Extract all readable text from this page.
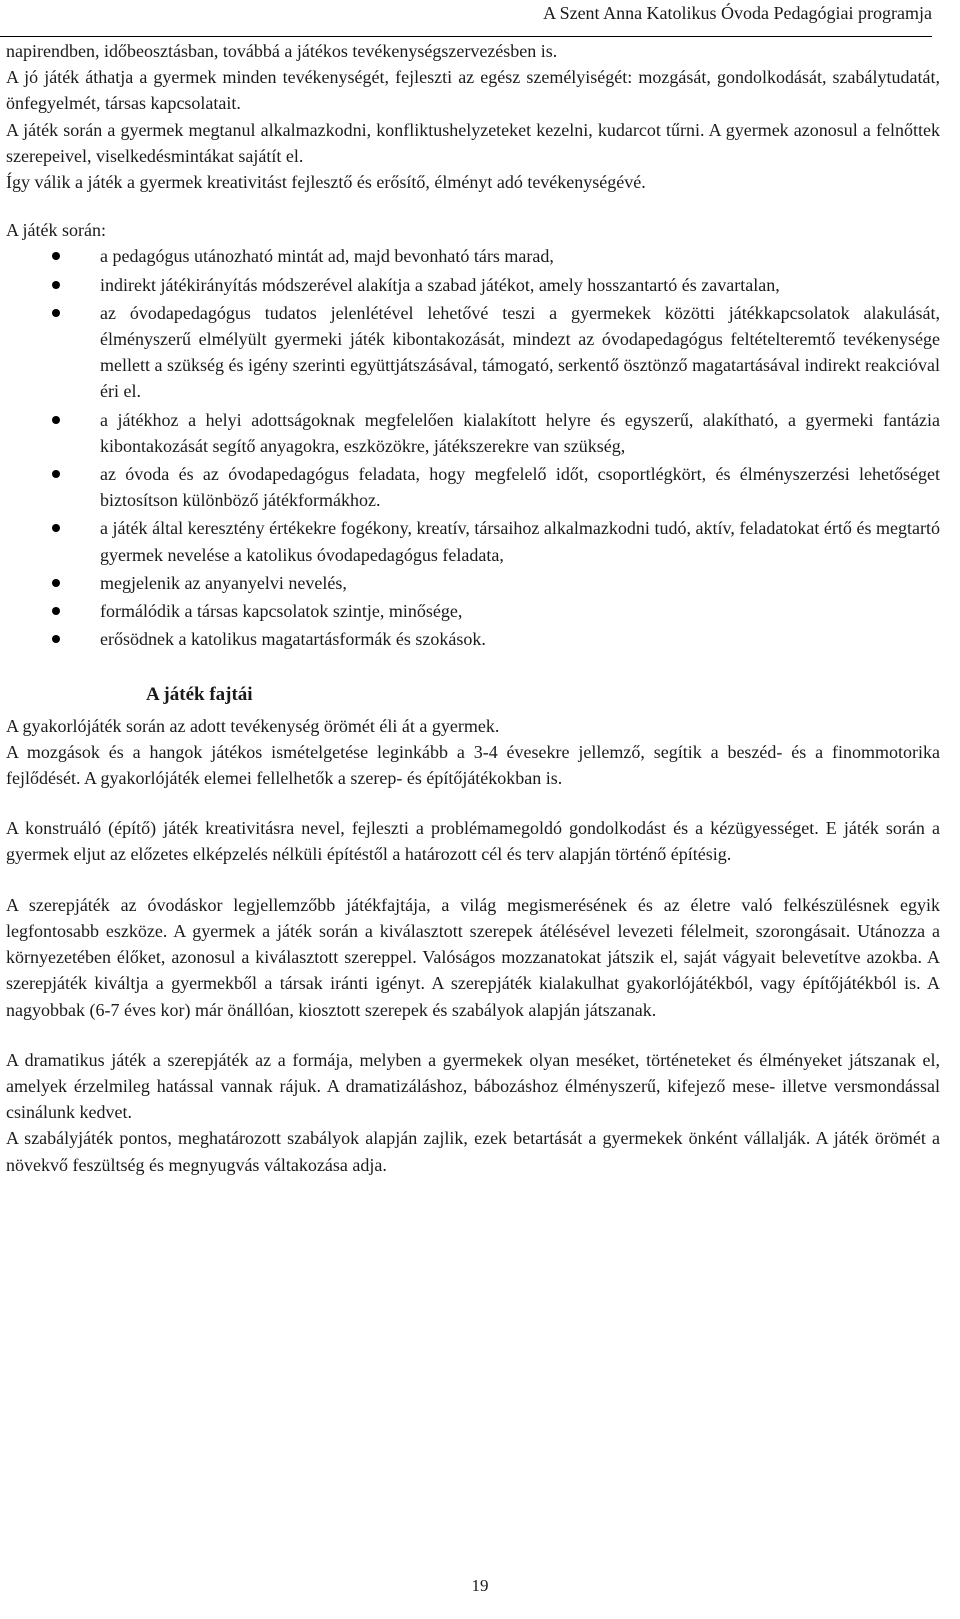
A Szent Anna Katolikus Óvoda Pedagógiai programja

napirendben, időbeosztásban, továbbá a játékos tevékenységszervezésben is.

A jó játék áthatja a gyermek minden tevékenységét, fejleszti az egész személyiségét: mozgását, gondolkodását, szabálytudatát, önfegyelmét, társas kapcsolatait.

A játék során a gyermek megtanul alkalmazkodni, konfliktushelyzeteket kezelni, kudarcot tűrni. A gyermek azonosul a felnőttek szerepeivel, viselkedésmintákat sajátít el.

Így válik a játék a gyermek kreativitást fejlesztő és erősítő, élményt adó tevékenységévé.

A játék során:

a pedagógus utánozható mintát ad, majd bevonható társ marad,
indirekt játékirányítás módszerével alakítja a szabad játékot, amely hosszantartó és zavartalan,
az óvodapedagógus tudatos jelenlétével lehetővé teszi a gyermekek közötti játékkapcsolatok alakulását, élményszerű elmélyült gyermeki játék kibontakozását, mindezt az óvodapedagógus feltételteremtő tevékenysége mellett a szükség és igény szerinti együttjátszásával, támogató, serkentő ösztönző magatartásával indirekt reakcióval éri el.
a játékhoz a helyi adottságoknak megfelelően kialakított helyre és egyszerű, alakítható, a gyermeki fantázia kibontakozását segítő anyagokra, eszközökre, játékszerekre van szükség,
az óvoda és az óvodapedagógus feladata, hogy megfelelő időt, csoportlégkört, és élményszerzési lehetőséget biztosítson különböző játékformákhoz.
a játék által keresztény értékekre fogékony, kreatív, társaihoz alkalmazkodni tudó, aktív, feladatokat értő és megtartó gyermek nevelése a katolikus óvodapedagógus feladata,
megjelenik az anyanyelvi nevelés,
formálódik a társas kapcsolatok szintje, minősége,
erősödnek a katolikus magatartásformák és szokások.

A játék fajtái

A gyakorlójáték során az adott tevékenység örömét éli át a gyermek.

A mozgások és a hangok játékos ismételgetése leginkább a 3-4 évesekre jellemző, segítik a beszéd- és a finommotorika fejlődését. A gyakorlójáték elemei fellelhetők a szerep- és építőjátékokban is.

A konstruáló (építő) játék kreativitásra nevel, fejleszti a problémamegoldó gondolkodást és a kézügyességet. E játék során a gyermek eljut az előzetes elképzelés nélküli építéstől a határozott cél és terv alapján történő építésig.

A szerepjáték az óvodáskor legjellemzőbb játékfajtája, a világ megismerésének és az életre való felkészülésnek egyik legfontosabb eszköze. A gyermek a játék során a kiválasztott szerepek átélésével levezeti félelmeit, szorongásait. Utánozza a környezetében élőket, azonosul a kiválasztott szereppel. Valóságos mozzanatokat játszik el, saját vágyait belevetítve azokba. A szerepjáték kiváltja a gyermekből a társak iránti igényt. A szerepjáték kialakulhat gyakorlójátékból, vagy építőjátékból is. A nagyobbak (6-7 éves kor) már önállóan, kiosztott szerepek és szabályok alapján játszanak.

A dramatikus játék a szerepjáték az a formája, melyben a gyermekek olyan meséket, történeteket és élményeket játszanak el, amelyek érzelmileg hatással vannak rájuk. A dramatizáláshoz, bábozáshoz élményszerű, kifejező mese- illetve versmondással csinálunk kedvet.

A szabályjáték pontos, meghatározott szabályok alapján zajlik, ezek betartását a gyermekek önként vállalják. A játék örömét a növekvő feszültség és megnyugvás váltakozása adja.

19
